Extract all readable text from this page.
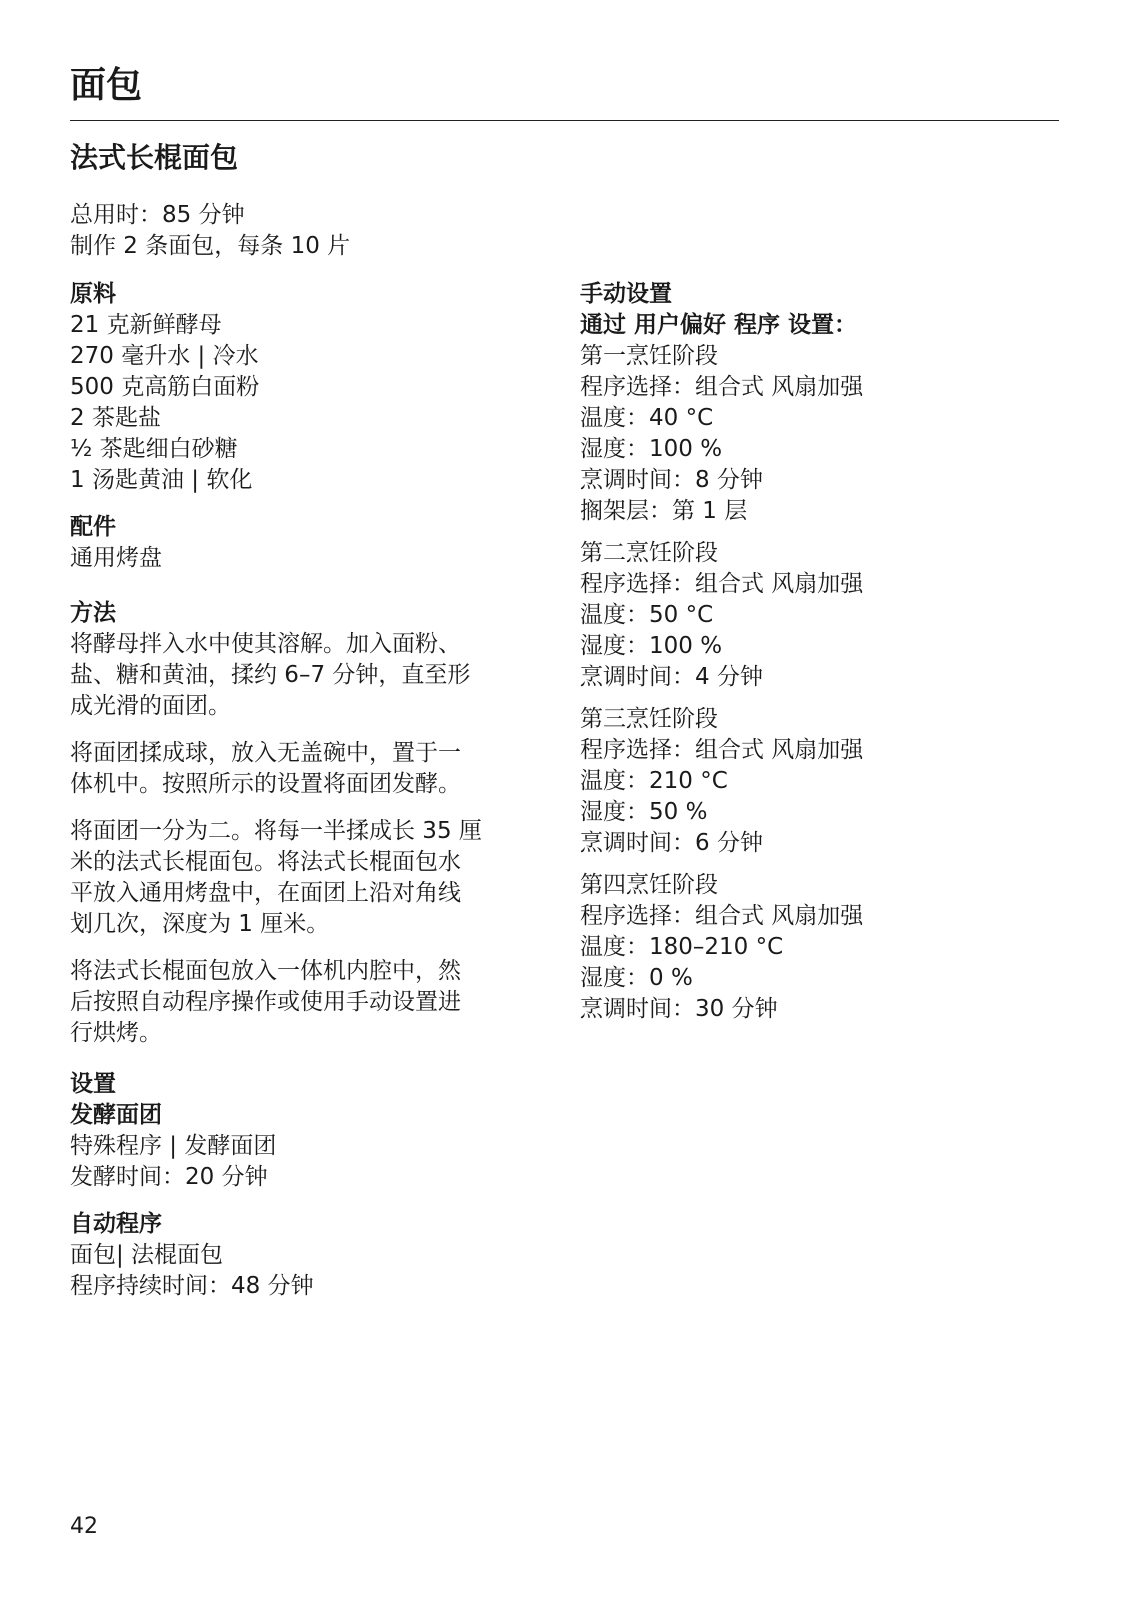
面包
法式长棍面包

总用时：85 分钟

制作 2 条面包，每条 10 片

原料

21 克新鲜酵母

270 毫升水 | 冷水

500 克高筋白面粉

2 茶匙盐

½ 茶匙细白砂糖

1 汤匙黄油 | 软化

配件

通用烤盘

方法

将酵母拌入水中使其溶解。加入面粉、

盐、糖和黄油，揉约 6–7 分钟，直至形

成光滑的面团。

将面团揉成球，放入无盖碗中，置于一

体机中。按照所示的设置将面团发酵。

将面团一分为二。将每一半揉成长 35 厘

米的法式长棍面包。将法式长棍面包水

平放入通用烤盘中，在面团上沿对角线

划几次，深度为 1 厘米。

将法式长棍面包放入一体机内腔中，然

后按照自动程序操作或使用手动设置进

行烘烤。

设置

发酵面团

特殊程序 | 发酵面团

发酵时间：20 分钟

自动程序

面包| 法棍面包

程序持续时间：48 分钟

手动设置

通过 用户偏好 程序 设置：

第一烹饪阶段

程序选择：组合式 风扇加强

温度：40 °C

湿度：100 %

烹调时间：8 分钟

搁架层：第 1 层

第二烹饪阶段

程序选择：组合式 风扇加强

温度：50 °C

湿度：100 %

烹调时间：4 分钟

第三烹饪阶段

程序选择：组合式 风扇加强

温度：210 °C

湿度：50 %

烹调时间：6 分钟

第四烹饪阶段

程序选择：组合式 风扇加强

温度：180–210 °C

湿度：0 %

烹调时间：30 分钟

42
